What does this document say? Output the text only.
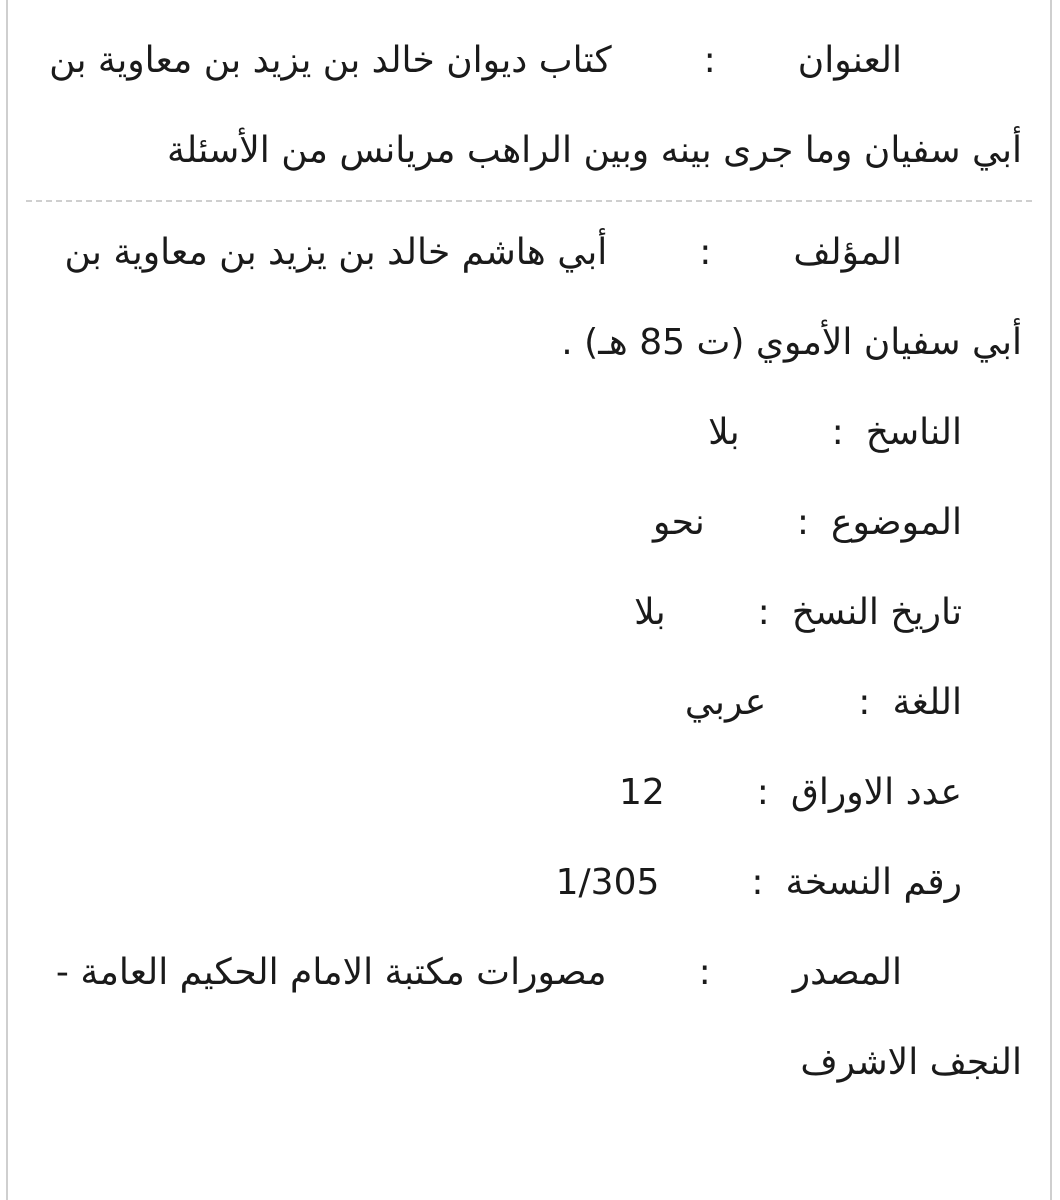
العنوان:كتاب ديوان خالد بن يزيد بن معاوية بن أبي سفيان وما جرى بينه وبين الراهب مريانس من الأسئلة
المؤلف:أبي هاشم خالد بن يزيد بن معاوية بن أبي سفيان الأموي (ت 85 هـ) .
الناسخ:بلا
الموضوع:نحو
تاريخ النسخ:بلا
اللغة:عربي
عدد الاوراق:12
رقم النسخة:1/305
المصدر:مصورات مكتبة الامام الحكيم العامة - النجف الاشرف
